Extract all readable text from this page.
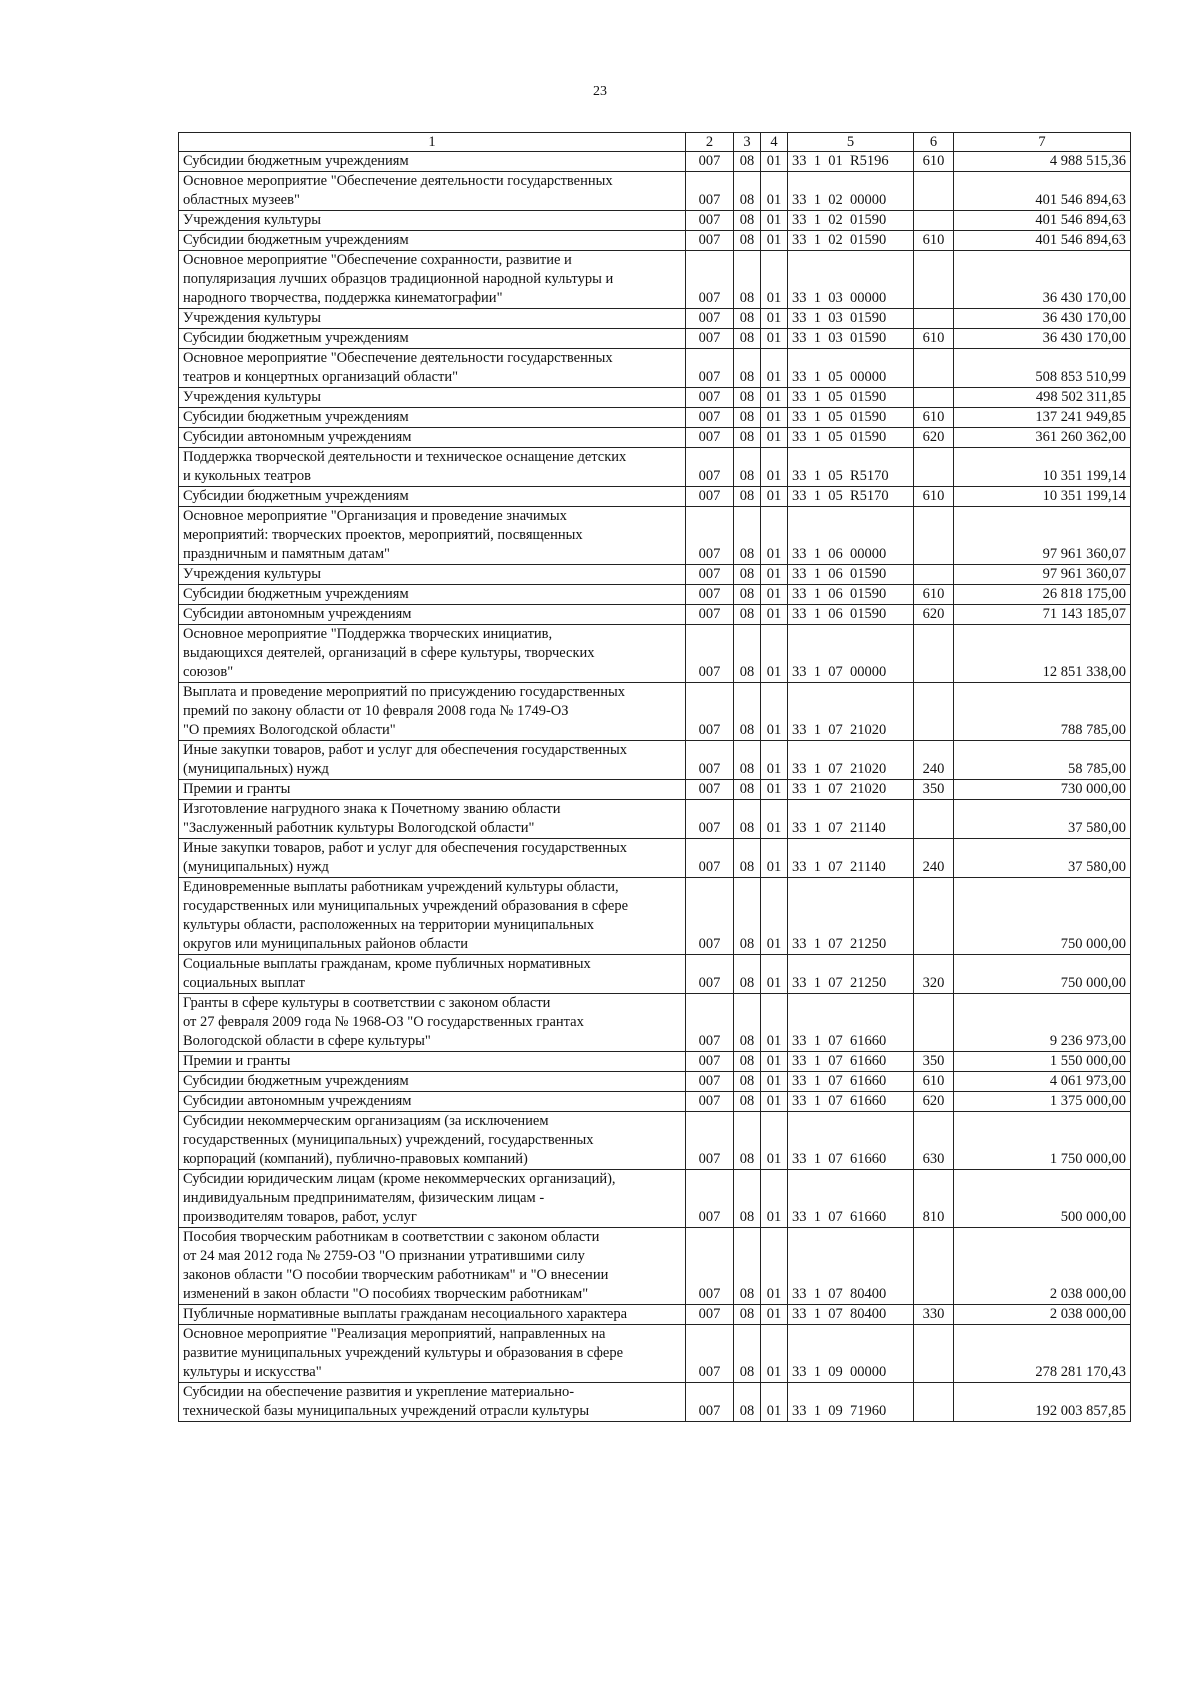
23
1	2	3	4	5	6	7

Субсидии бюджетным учреждениям	007	08	01	33  1  01  R5196	610	4 988 515,36

Основное мероприятие "Обеспечение деятельности государственных
областных музеев"	007	08	01	33  1  02  00000		401 546 894,63

Учреждения культуры	007	08	01	33  1  02  01590		401 546 894,63

Субсидии бюджетным учреждениям	007	08	01	33  1  02  01590	610	401 546 894,63

Основное мероприятие "Обеспечение сохранности, развитие и
популяризация лучших образцов традиционной народной культуры и
народного творчества, поддержка кинематографии"	007	08	01	33  1  03  00000		36 430 170,00

Учреждения культуры	007	08	01	33  1  03  01590		36 430 170,00

Субсидии бюджетным учреждениям	007	08	01	33  1  03  01590	610	36 430 170,00

Основное мероприятие "Обеспечение деятельности государственных
театров и концертных организаций области"	007	08	01	33  1  05  00000		508 853 510,99

Учреждения культуры	007	08	01	33  1  05  01590		498 502 311,85

Субсидии бюджетным учреждениям	007	08	01	33  1  05  01590	610	137 241 949,85

Субсидии автономным учреждениям	007	08	01	33  1  05  01590	620	361 260 362,00

Поддержка творческой деятельности и техническое оснащение детских
и кукольных театров	007	08	01	33  1  05  R5170		10 351 199,14

Субсидии бюджетным учреждениям	007	08	01	33  1  05  R5170	610	10 351 199,14

Основное мероприятие "Организация и проведение значимых
мероприятий: творческих проектов, мероприятий, посвященных
праздничным и памятным датам"	007	08	01	33  1  06  00000		97 961 360,07

Учреждения культуры	007	08	01	33  1  06  01590		97 961 360,07

Субсидии бюджетным учреждениям	007	08	01	33  1  06  01590	610	26 818 175,00

Субсидии автономным учреждениям	007	08	01	33  1  06  01590	620	71 143 185,07

Основное мероприятие "Поддержка творческих инициатив,
выдающихся деятелей, организаций в сфере культуры, творческих
союзов"	007	08	01	33  1  07  00000		12 851 338,00

Выплата и проведение мероприятий по присуждению государственных
премий по закону области от 10 февраля 2008 года № 1749-ОЗ
"О премиях Вологодской области"	007	08	01	33  1  07  21020		788 785,00

Иные закупки товаров, работ и услуг для обеспечения государственных
(муниципальных) нужд	007	08	01	33  1  07  21020	240	58 785,00

Премии и гранты	007	08	01	33  1  07  21020	350	730 000,00

Изготовление нагрудного знака к Почетному званию области
"Заслуженный работник культуры Вологодской области"	007	08	01	33  1  07  21140		37 580,00

Иные закупки товаров, работ и услуг для обеспечения государственных
(муниципальных) нужд	007	08	01	33  1  07  21140	240	37 580,00

Единовременные выплаты работникам учреждений культуры области,
государственных или муниципальных учреждений образования в сфере
культуры области, расположенных на территории муниципальных
округов или муниципальных районов области	007	08	01	33  1  07  21250		750 000,00

Социальные выплаты гражданам, кроме публичных нормативных
социальных выплат	007	08	01	33  1  07  21250	320	750 000,00

Гранты в сфере культуры в соответствии с законом области
от 27 февраля 2009 года № 1968-ОЗ "О государственных грантах
Вологодской области в сфере культуры"	007	08	01	33  1  07  61660		9 236 973,00

Премии и гранты	007	08	01	33  1  07  61660	350	1 550 000,00

Субсидии бюджетным учреждениям	007	08	01	33  1  07  61660	610	4 061 973,00

Субсидии автономным учреждениям	007	08	01	33  1  07  61660	620	1 375 000,00

Субсидии некоммерческим организациям (за исключением
государственных (муниципальных) учреждений, государственных
корпораций (компаний), публично-правовых компаний)	007	08	01	33  1  07  61660	630	1 750 000,00

Субсидии юридическим лицам (кроме некоммерческих организаций),
индивидуальным предпринимателям, физическим лицам -
производителям товаров, работ, услуг	007	08	01	33  1  07  61660	810	500 000,00

Пособия творческим работникам в соответствии с законом области
от 24 мая 2012 года № 2759-ОЗ "О признании утратившими силу
законов области "О пособии творческим работникам" и "О внесении
изменений в закон области "О пособиях творческим работникам"	007	08	01	33  1  07  80400		2 038 000,00

Публичные нормативные выплаты гражданам несоциального характера	007	08	01	33  1  07  80400	330	2 038 000,00

Основное мероприятие "Реализация мероприятий, направленных на
развитие муниципальных учреждений культуры и образования в сфере
культуры и искусства"	007	08	01	33  1  09  00000		278 281 170,43

Субсидии на обеспечение развития и укрепление материально-
технической базы муниципальных учреждений отрасли культуры	007	08	01	33  1  09  71960		192 003 857,85
